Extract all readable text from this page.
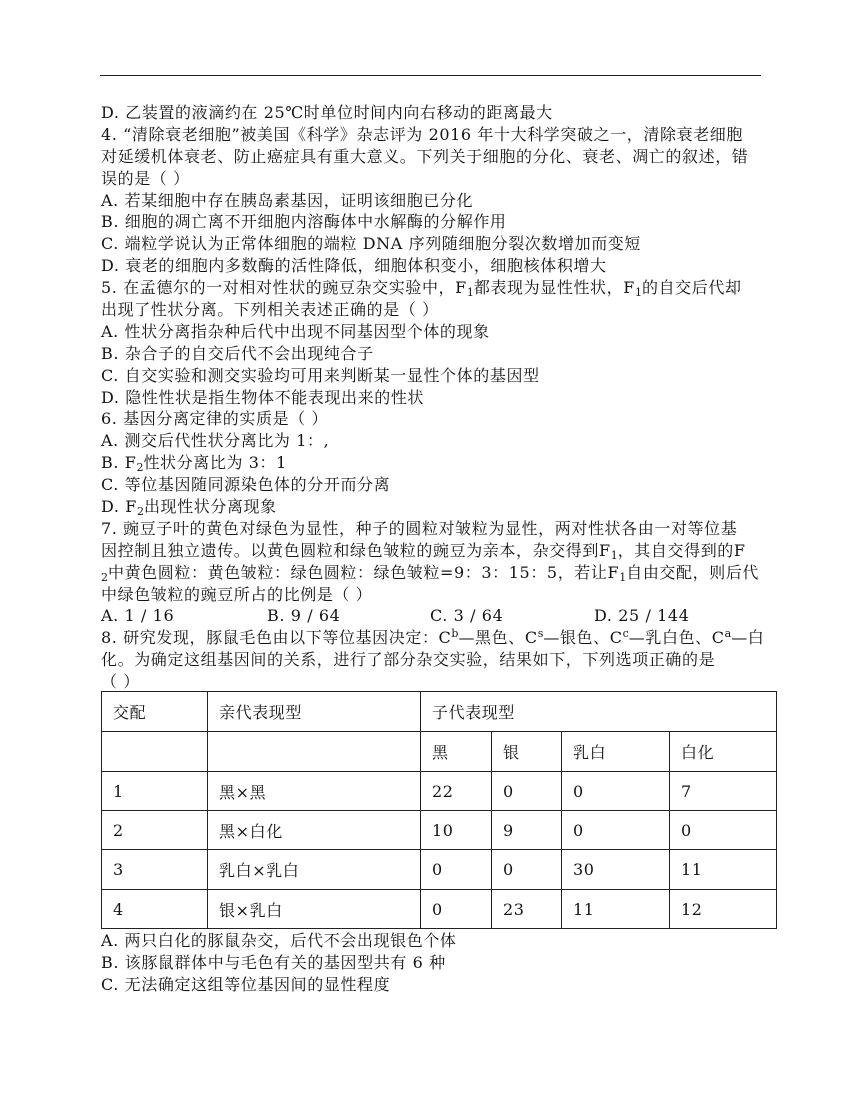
D. 乙装置的液滴约在 25℃时单位时间内向右移动的距离最大
4. “清除衰老细胞”被美国《科学》杂志评为 2016 年十大科学突破之一，清除衰老细胞
对延缓机体衰老、防止癌症具有重大意义。下列关于细胞的分化、衰老、凋亡的叙述，错
误的是（ ）
A. 若某细胞中存在胰岛素基因，证明该细胞已分化
B. 细胞的凋亡离不开细胞内溶酶体中水解酶的分解作用
C. 端粒学说认为正常体细胞的端粒 DNA 序列随细胞分裂次数增加而变短
D. 衰老的细胞内多数酶的活性降低，细胞体积变小，细胞核体积增大
5. 在孟德尔的一对相对性状的豌豆杂交实验中，$F_1$都表现为显性性状，$F_1$的自交后代却
出现了性状分离。下列相关表述正确的是（ ）
A. 性状分离指杂种后代中出现不同基因型个体的现象
B. 杂合子的自交后代不会出现纯合子
C. 自交实验和测交实验均可用来判断某一显性个体的基因型
D. 隐性性状是指生物体不能表现出来的性状
6. 基因分离定律的实质是（ ）
A. 测交后代性状分离比为 1：,
B. $F_2$性状分离比为 3：1
C. 等位基因随同源染色体的分开而分离
D. $F_2$出现性状分离现象
7. 豌豆子叶的黄色对绿色为显性，种子的圆粒对皱粒为显性，两对性状各由一对等位基
因控制且独立遗传。以黄色圆粒和绿色皱粒的豌豆为亲本，杂交得到$F_1$，其自交得到的F
$_2$中黄色圆粒：黄色皱粒：绿色圆粒：绿色皱粒=9：3：15：5，若让$F_1$自由交配，则后代
中绿色皱粒的豌豆所占的比例是（ ）
A. 1 / 16	B. 9 / 64	C. 3 / 64	D. 25 / 144
8. 研究发现，豚鼠毛色由以下等位基因决定：$C^b—$黑色、$C^s—$银色、$C^c—$乳白色、$C^a—$白
化。为确定这组基因间的关系，进行了部分杂交实验，结果如下，下列选项正确的是
（ ）
交配	亲代表现型	子代表现型			
		黑	银	乳白	白化
1	黑×黑	22	0	0	7
2	黑×白化	10	9	0	0
3	乳白×乳白	0	0	30	11
4	银×乳白	0	23	11	12
A. 两只白化的豚鼠杂交，后代不会出现银色个体
B. 该豚鼠群体中与毛色有关的基因型共有 6 种
C. 无法确定这组等位基因间的显性程度
